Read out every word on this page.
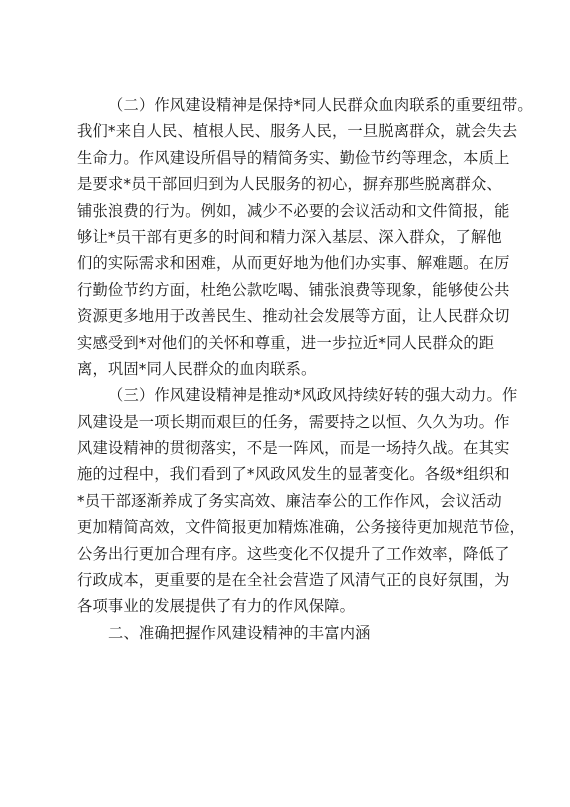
（二）作风建设精神是保持*同人民群众血肉联系的重要纽带。
我们*来自人民、植根人民、服务人民，一旦脱离群众，就会失去
生命力。作风建设所倡导的精简务实、勤俭节约等理念，本质上
是要求*员干部回归到为人民服务的初心，摒弃那些脱离群众、
铺张浪费的行为。例如，减少不必要的会议活动和文件简报，能
够让*员干部有更多的时间和精力深入基层、深入群众，了解他
们的实际需求和困难，从而更好地为他们办实事、解难题。在厉
行勤俭节约方面，杜绝公款吃喝、铺张浪费等现象，能够使公共
资源更多地用于改善民生、推动社会发展等方面，让人民群众切
实感受到*对他们的关怀和尊重，进一步拉近*同人民群众的距
离，巩固*同人民群众的血肉联系。
（三）作风建设精神是推动*风政风持续好转的强大动力。作
风建设是一项长期而艰巨的任务，需要持之以恒、久久为功。作
风建设精神的贯彻落实，不是一阵风，而是一场持久战。在其实
施的过程中，我们看到了*风政风发生的显著变化。各级*组织和
*员干部逐渐养成了务实高效、廉洁奉公的工作作风，会议活动
更加精简高效，文件简报更加精炼准确，公务接待更加规范节俭，
公务出行更加合理有序。这些变化不仅提升了工作效率，降低了
行政成本，更重要的是在全社会营造了风清气正的良好氛围，为
各项事业的发展提供了有力的作风保障。
二、准确把握作风建设精神的丰富内涵
